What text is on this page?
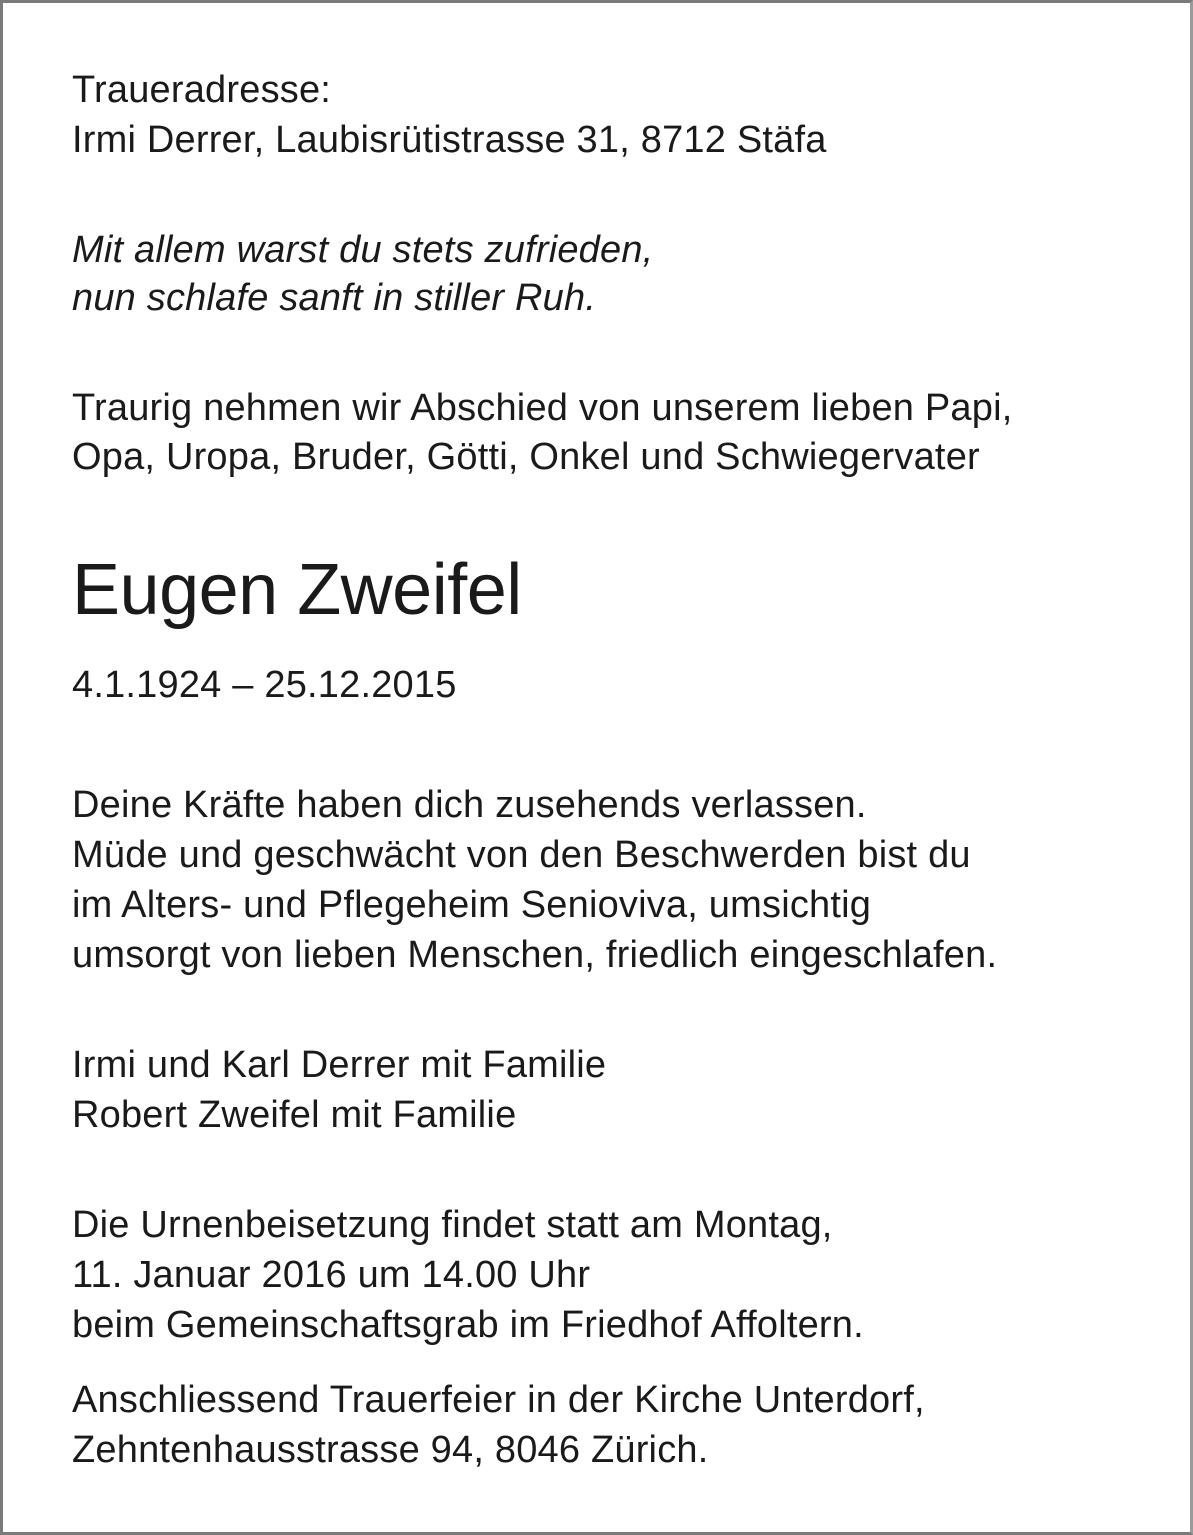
Traueradresse:
Irmi Derrer, Laubisrütistrasse 31, 8712 Stäfa
Mit allem warst du stets zufrieden,
nun schlafe sanft in stiller Ruh.
Traurig nehmen wir Abschied von unserem lieben Papi,
Opa, Uropa, Bruder, Götti, Onkel und Schwiegervater
Eugen Zweifel
4.1.1924 – 25.12.2015
Deine Kräfte haben dich zusehends verlassen.
Müde und geschwächt von den Beschwerden bist du
im Alters- und Pflegeheim Senioviva, umsichtig
umsorgt von lieben Menschen, friedlich eingeschlafen.
Irmi und Karl Derrer mit Familie
Robert Zweifel mit Familie
Die Urnenbeisetzung findet statt am Montag,
11. Januar 2016 um 14.00 Uhr
beim Gemeinschaftsgrab im Friedhof Affoltern.
Anschliessend Trauerfeier in der Kirche Unterdorf,
Zehntenhausstrasse 94, 8046 Zürich.
